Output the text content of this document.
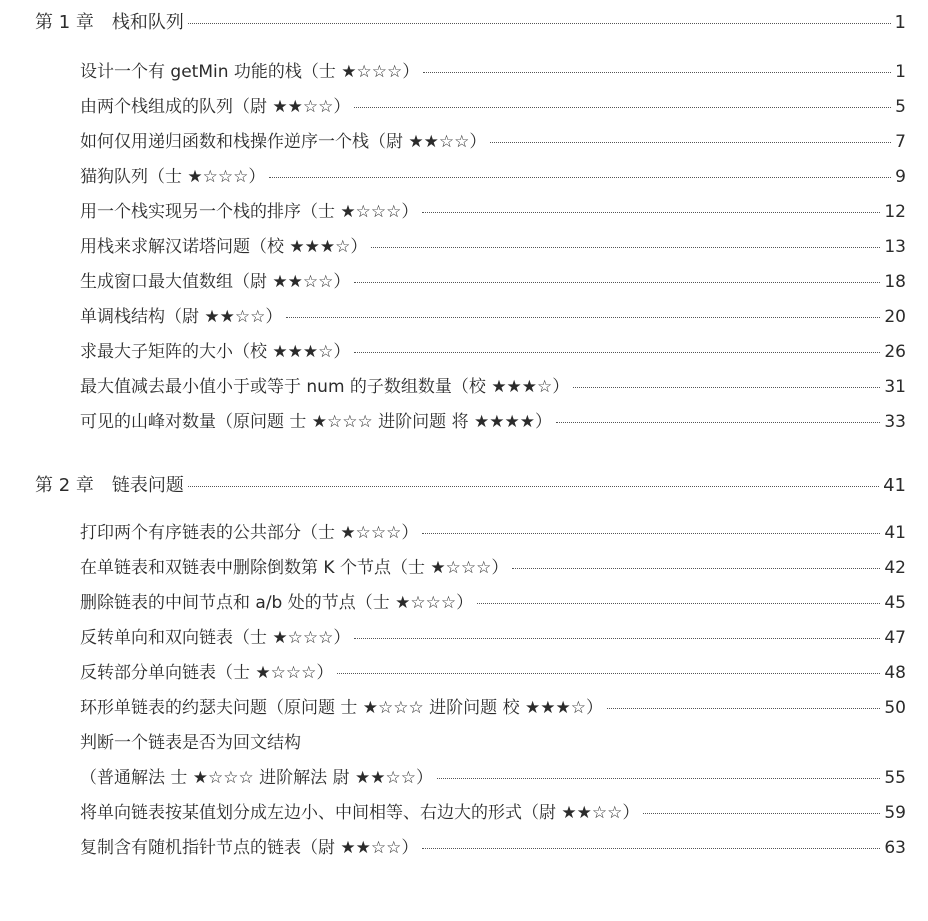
第 1 章　栈和队列	1
设计一个有 getMin 功能的栈（士 ★☆☆☆）	1
由两个栈组成的队列（尉 ★★☆☆）	5
如何仅用递归函数和栈操作逆序一个栈（尉 ★★☆☆）	7
猫狗队列（士 ★☆☆☆）	9
用一个栈实现另一个栈的排序（士 ★☆☆☆）	12
用栈来求解汉诺塔问题（校 ★★★☆）	13
生成窗口最大值数组（尉 ★★☆☆）	18
单调栈结构（尉 ★★☆☆）	20
求最大子矩阵的大小（校 ★★★☆）	26
最大值减去最小值小于或等于 num 的子数组数量（校 ★★★☆）	31
可见的山峰对数量（原问题 士 ★☆☆☆ 进阶问题 将 ★★★★）	33
第 2 章　链表问题	41
打印两个有序链表的公共部分（士 ★☆☆☆）	41
在单链表和双链表中删除倒数第 K 个节点（士 ★☆☆☆）	42
删除链表的中间节点和 a/b 处的节点（士 ★☆☆☆）	45
反转单向和双向链表（士 ★☆☆☆）	47
反转部分单向链表（士 ★☆☆☆）	48
环形单链表的约瑟夫问题（原问题 士 ★☆☆☆ 进阶问题 校 ★★★☆）	50
判断一个链表是否为回文结构
（普通解法 士 ★☆☆☆ 进阶解法 尉 ★★☆☆）	55
将单向链表按某值划分成左边小、中间相等、右边大的形式（尉 ★★☆☆）	59
复制含有随机指针节点的链表（尉 ★★☆☆）	63
